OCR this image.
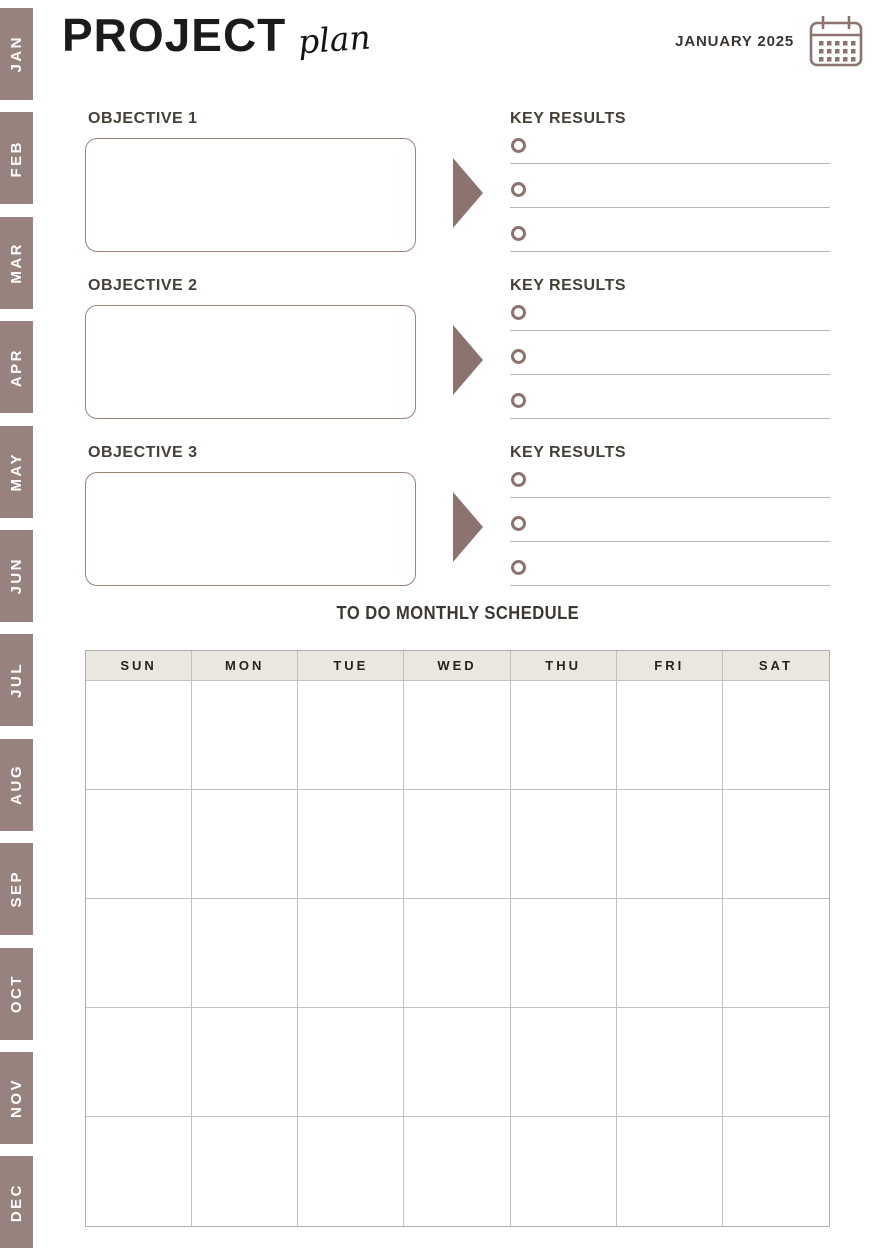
JAN
FEB
MAR
APR
MAY
JUN
JUL
AUG
SEP
OCT
NOV
DEC
PROJECT plan	JANUARY 2025
OBJECTIVE 1	KEY RESULTS
OBJECTIVE 2	KEY RESULTS
OBJECTIVE 3	KEY RESULTS
TO DO MONTHLY SCHEDULE
SUN	MON	TUE	WED	THU	FRI	SAT
